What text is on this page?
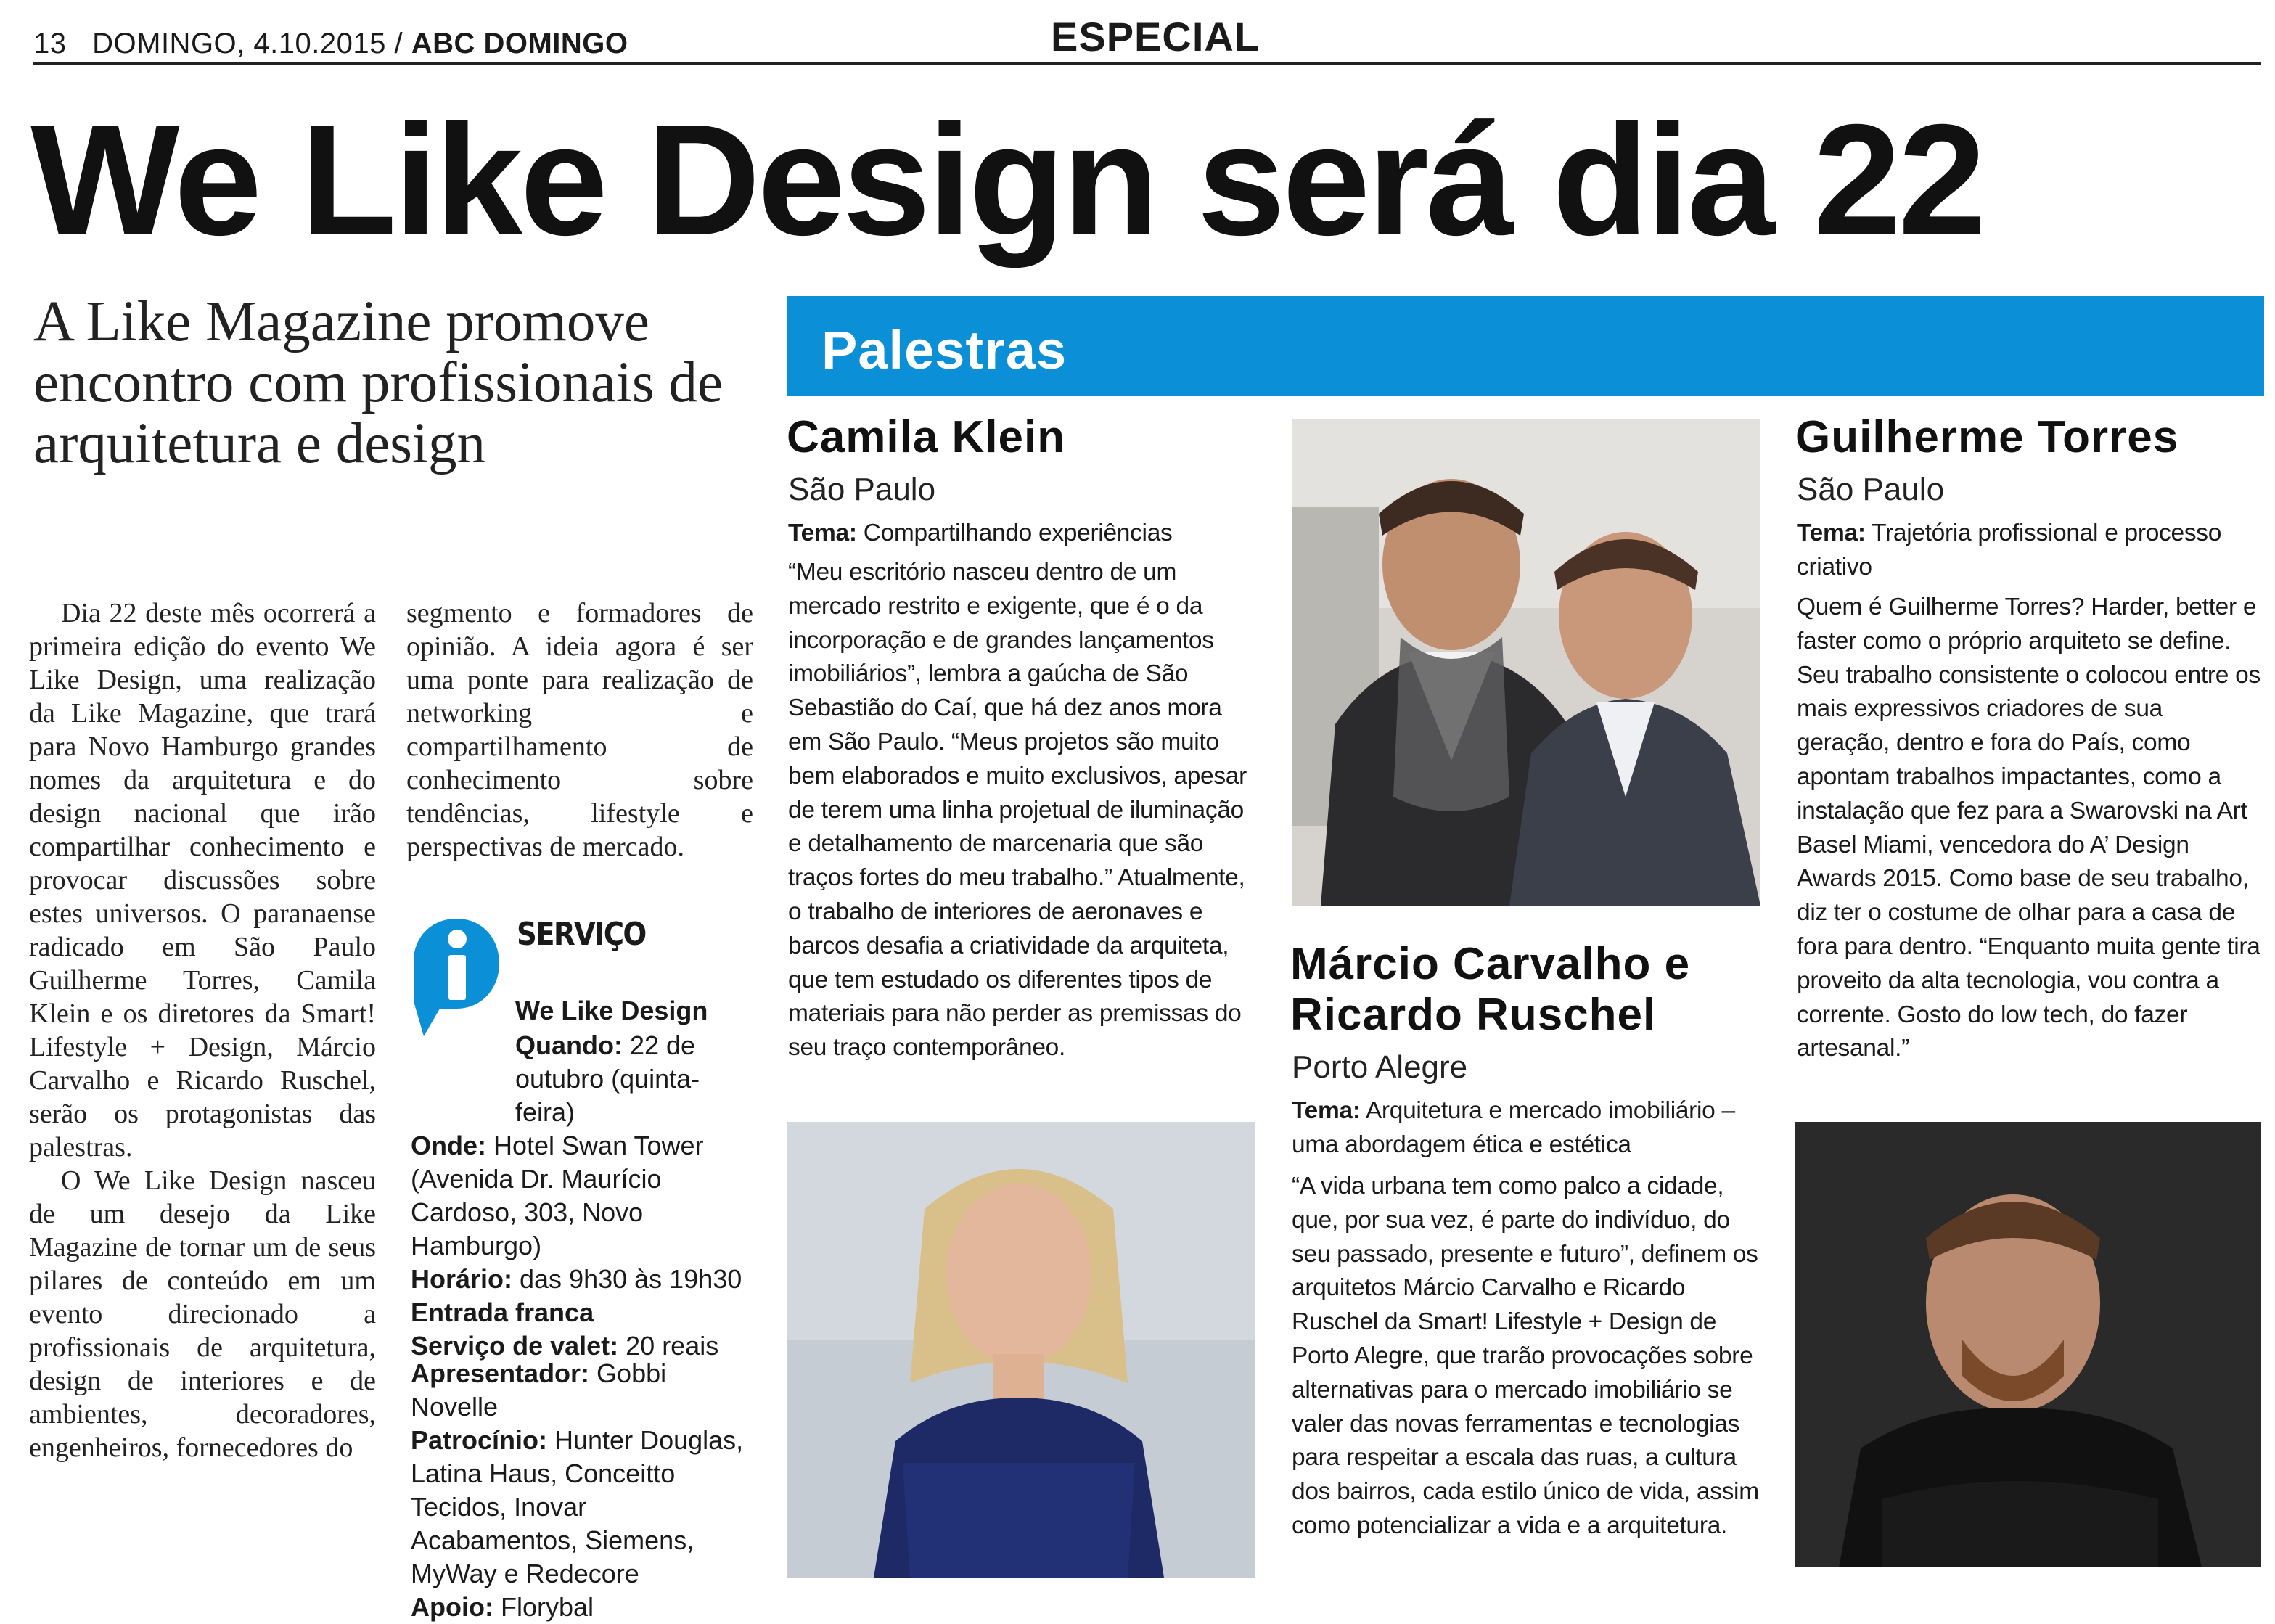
13 DOMINGO, 4.10.2015 / ABC DOMINGO	ESPECIAL
We Like Design será dia 22
A Like Magazine promove encontro com profissionais de arquitetura e design

Dia 22 deste mês ocorrerá a primeira edição do evento We Like Design, uma realização da Like Magazine, que trará para Novo Hamburgo grandes nomes da arquitetura e do design nacional que irão compartilhar conhecimento e provocar discussões sobre estes universos. O paranaense radicado em São Paulo Guilherme Torres, Camila Klein e os diretores da Smart! Lifestyle + Design, Márcio Carvalho e Ricardo Ruschel, serão os protagonistas das palestras.

O We Like Design nasceu de um desejo da Like Magazine de tornar um de seus pilares de conteúdo em um evento direcionado a profissionais de arquitetura, design de interiores e de ambientes, decoradores, engenheiros, fornecedores do

segmento e formadores de opinião. A ideia agora é ser uma ponte para realização de networking e compartilhamento de conhecimento sobre tendências, lifestyle e perspectivas de mercado.

SERVIÇO
We Like Design
Quando: 22 de outubro (quinta-feira)
Onde: Hotel Swan Tower (Avenida Dr. Maurício Cardoso, 303, Novo Hamburgo)
Horário: das 9h30 às 19h30
Entrada franca
Serviço de valet: 20 reais
Apresentador: Gobbi Novelle
Patrocínio: Hunter Douglas, Latina Haus, Conceitto Tecidos, Inovar Acabamentos, Siemens, MyWay e Redecore
Apoio: Florybal
Palestras
Camila Klein
São Paulo
Tema: Compartilhando experiências
“Meu escritório nasceu dentro de um mercado restrito e exigente, que é o da incorporação e de grandes lançamentos imobiliários”, lembra a gaúcha de São Sebastião do Caí, que há dez anos mora em São Paulo. “Meus projetos são muito bem elaborados e muito exclusivos, apesar de terem uma linha projetual de iluminação e detalhamento de marcenaria que são traços fortes do meu trabalho.” Atualmente, o trabalho de interiores de aeronaves e barcos desafia a criatividade da arquiteta, que tem estudado os diferentes tipos de materiais para não perder as premissas do seu traço contemporâneo.
Márcio Carvalho e Ricardo Ruschel
Porto Alegre
Tema: Arquitetura e mercado imobiliário – uma abordagem ética e estética
“A vida urbana tem como palco a cidade, que, por sua vez, é parte do indivíduo, do seu passado, presente e futuro”, definem os arquitetos Márcio Carvalho e Ricardo Ruschel da Smart! Lifestyle + Design de Porto Alegre, que trarão provocações sobre alternativas para o mercado imobiliário se valer das novas ferramentas e tecnologias para respeitar a escala das ruas, a cultura dos bairros, cada estilo único de vida, assim como potencializar a vida e a arquitetura.
Guilherme Torres
São Paulo
Tema: Trajetória profissional e processo criativo
Quem é Guilherme Torres? Harder, better e faster como o próprio arquiteto se define. Seu trabalho consistente o colocou entre os mais expressivos criadores de sua geração, dentro e fora do País, como apontam trabalhos impactantes, como a instalação que fez para a Swarovski na Art Basel Miami, vencedora do A’ Design Awards 2015. Como base de seu trabalho, diz ter o costume de olhar para a casa de fora para dentro. “Enquanto muita gente tira proveito da alta tecnologia, vou contra a corrente. Gosto do low tech, do fazer artesanal.”
